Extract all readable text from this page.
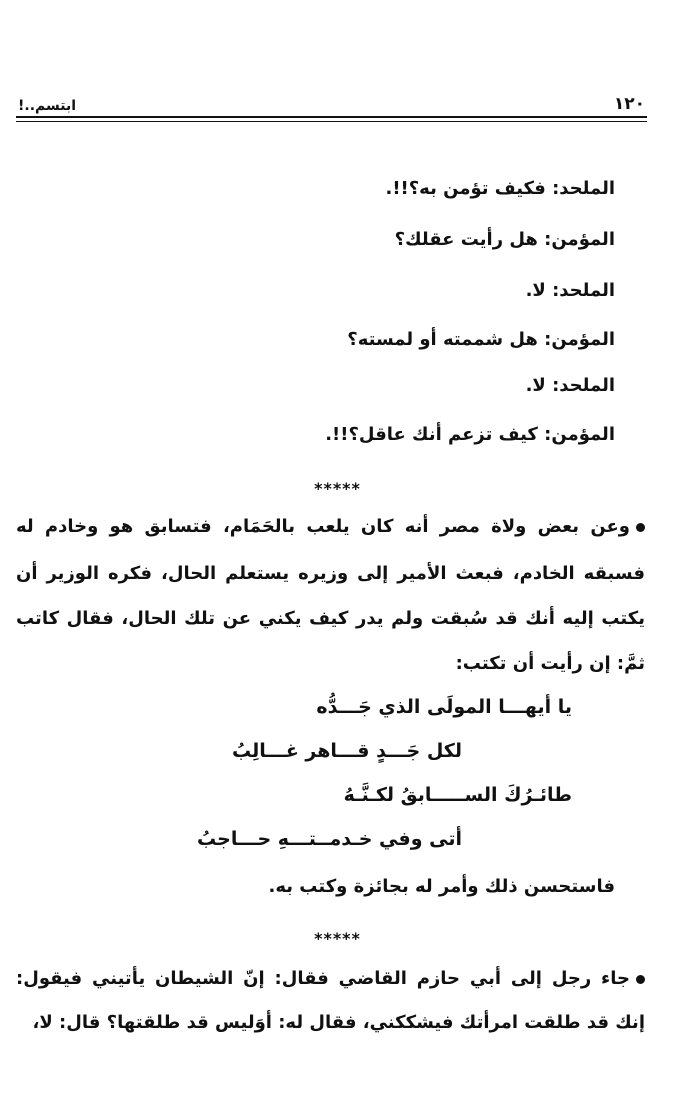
١٢٠
ابتسم..!
الملحد: فكيف تؤمن به؟!!.
المؤمن: هل رأيت عقلك؟
الملحد: لا.
المؤمن: هل شممته أو لمسته؟
الملحد: لا.
المؤمن: كيف تزعم أنك عاقل؟!!.
*****
وعن بعض ولاة مصر أنه كان يلعب بالحَمَام، فتسابق هو وخادم له
فسبقه الخادم، فبعث الأمير إلى وزيره يستعلم الحال، فكره الوزير أن
يكتب إليه أنك قد سُبقت ولم يدر كيف يكني عن تلك الحال، فقال كاتب
ثمَّ: إن رأيت أن تكتب:
يا أيهـــا المولَى الذي جَـــدُّه
لكل جَـــدٍ قـــاهر غـــالِبُ
طائـرُكَ الســـــابقُ لكـنَّـهُ
أتى وفي خـدمــتـــهِ حـــاجبُ
فاستحسن ذلك وأمر له بجائزة وكتب به.
*****
جاء رجل إلى أبي حازم القاضي فقال: إنّ الشيطان يأتيني فيقول:
إنك قد طلقت امرأتك فيشككني، فقال له: أوَليس قد طلقتها؟ قال: لا،
